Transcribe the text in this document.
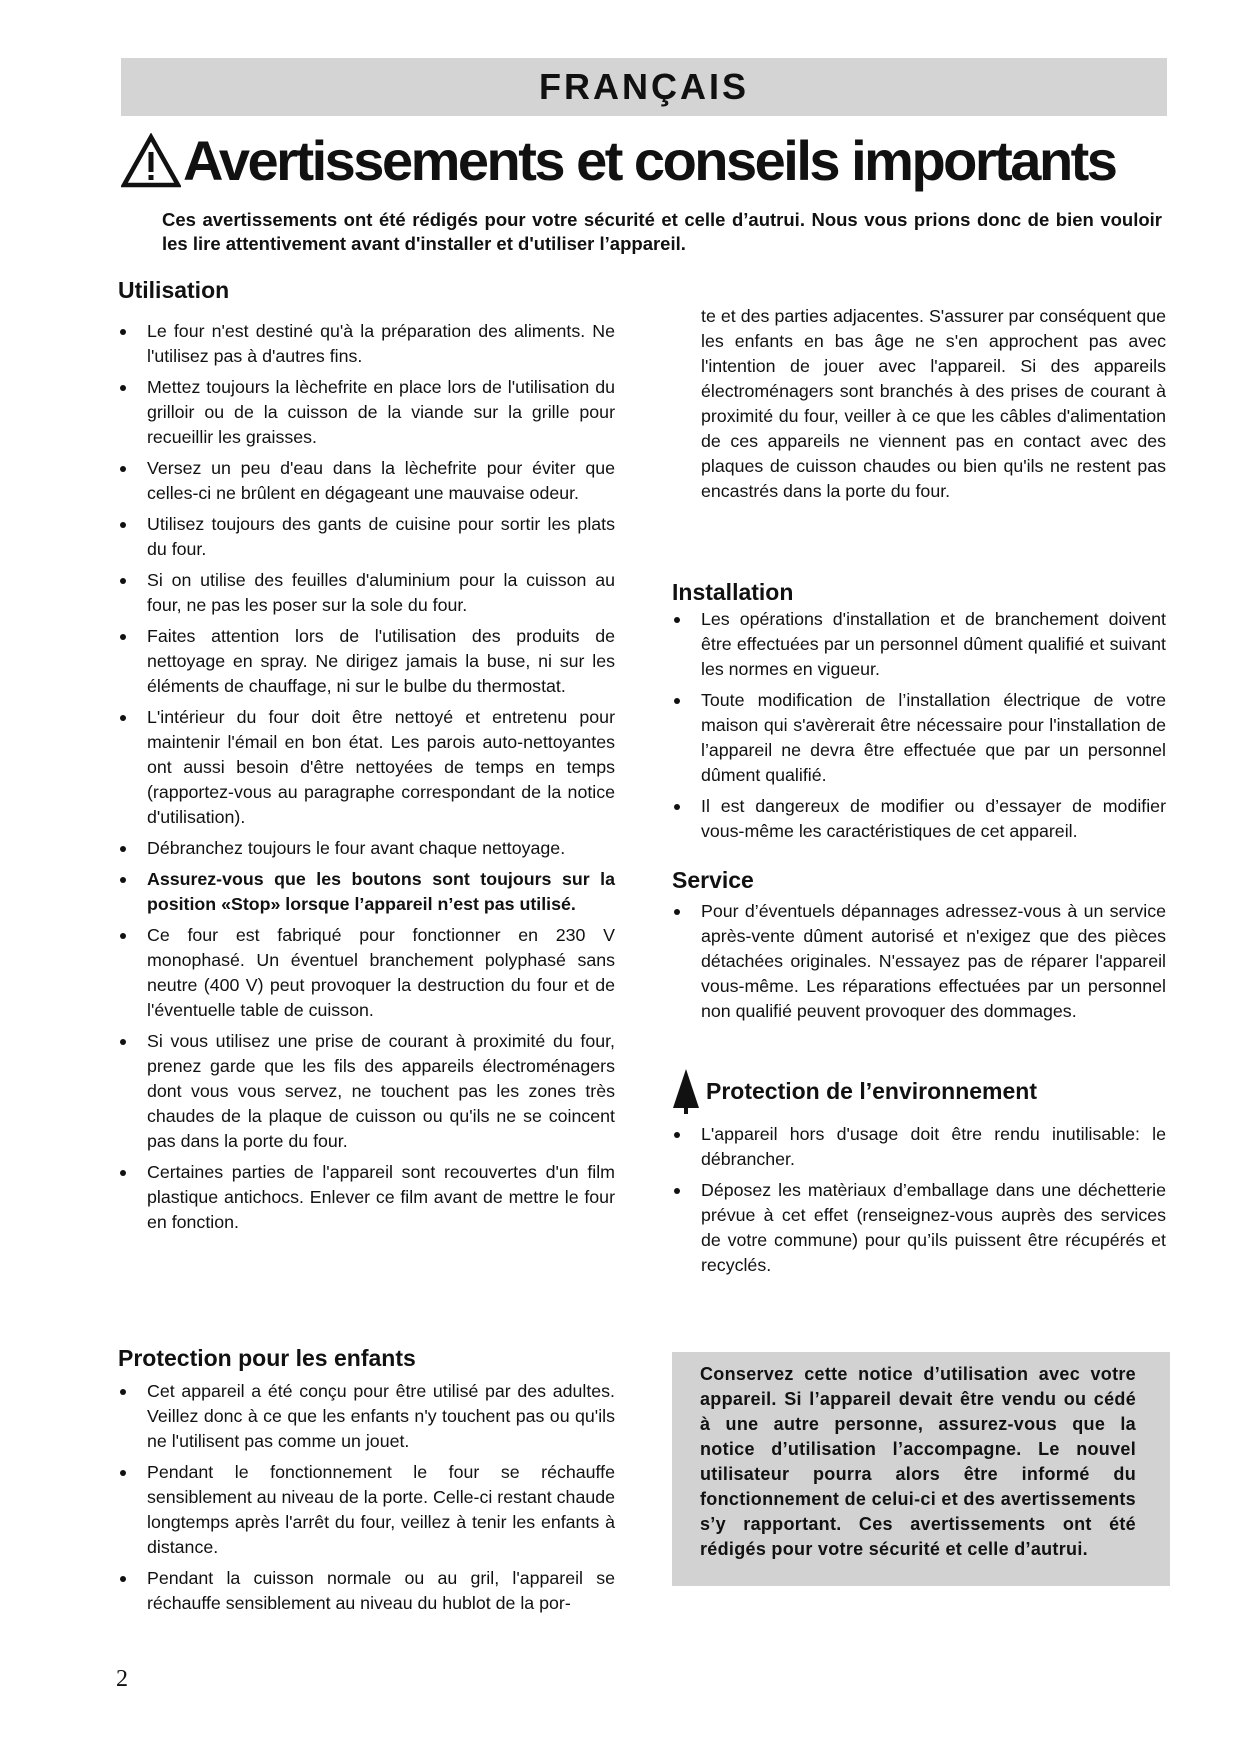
FRANÇAIS
Avertissements et conseils importants
Ces avertissements ont été rédigés pour votre sécurité et celle d’autrui. Nous vous prions donc de bien vouloir les lire attentivement avant d'installer et d'utiliser l’appareil.
Utilisation
Le four n'est destiné qu'à la préparation des aliments. Ne l'utilisez pas à d'autres fins.
Mettez toujours la lèchefrite en place lors de l'utilisation du grilloir ou de la cuisson de la viande sur la grille pour recueillir les graisses.
Versez un peu d'eau dans la lèchefrite pour éviter que celles-ci ne brûlent en dégageant une mauvaise odeur.
Utilisez toujours des gants de cuisine pour sortir les plats du four.
Si on utilise des feuilles d'aluminium pour la cuisson au four, ne pas les poser sur la sole du four.
Faites attention lors de l'utilisation des produits de nettoyage en spray. Ne dirigez jamais la buse, ni sur les éléments de chauffage, ni sur le bulbe du thermostat.
L'intérieur du four doit être nettoyé et entretenu pour maintenir l'émail en bon état. Les parois auto-nettoyantes ont aussi besoin d'être nettoyées de temps en temps (rapportez-vous au paragraphe correspondant de la notice d'utilisation).
Débranchez toujours le four avant chaque nettoyage.
Assurez-vous que les boutons sont toujours sur la position «Stop» lorsque l’appareil n’est pas utilisé.
Ce four est fabriqué pour fonctionner en 230 V monophasé. Un éventuel branchement polyphasé sans neutre (400 V) peut provoquer la destruction du four et de l'éventuelle table de cuisson.
Si vous utilisez une prise de courant à proximité du four, prenez garde que les fils des appareils électroménagers dont vous vous servez, ne touchent pas les zones très chaudes de la plaque de cuisson ou qu'ils ne se coincent pas dans la porte du four.
Certaines parties de l'appareil sont recouvertes d'un film plastique antichocs. Enlever ce film avant de mettre le four en fonction.
Protection pour les enfants
Cet appareil a été conçu pour être utilisé par des adultes. Veillez donc à ce que les enfants n'y touchent pas ou qu'ils ne l'utilisent pas comme un jouet.
Pendant le fonctionnement le four se réchauffe sensiblement au niveau de la porte. Celle-ci restant chaude longtemps après l'arrêt du four, veillez à tenir les enfants à distance.
Pendant la cuisson normale ou au gril, l'appareil se réchauffe sensiblement au niveau du hublot de la por-
te et des parties adjacentes. S'assurer par conséquent que les enfants en bas âge ne s'en approchent pas avec l'intention de jouer avec l'appareil. Si des appareils électroménagers sont branchés à des prises de courant à proximité du four, veiller à ce que les câbles d'alimentation de ces appareils ne viennent pas en contact avec des plaques de cuisson chaudes ou bien qu'ils ne restent pas encastrés dans la porte du four.
Installation
Les opérations d'installation et de branchement doivent être effectuées par un personnel dûment qualifié et suivant les normes en vigueur.
Toute modification de l’installation électrique de votre maison qui s'avèrerait être nécessaire pour l'installation de l’appareil ne devra être effectuée que par un personnel dûment qualifié.
Il est dangereux de modifier ou d’essayer de modifier vous-même les caractéristiques de cet appareil.
Service
Pour d’éventuels dépannages adressez-vous à un service après-vente dûment autorisé et n'exigez que des pièces détachées originales. N'essayez pas de réparer l'appareil vous-même. Les réparations effectuées par un personnel non qualifié peuvent provoquer des dommages.
Protection de l’environnement
L'appareil hors d'usage doit être rendu inutilisable: le débrancher.
Déposez les matèriaux d’emballage dans une déchetterie prévue à cet effet (renseignez-vous auprès des services de votre commune) pour qu’ils puissent être récupérés et recyclés.

Conservez cette notice d’utilisation avec votre appareil. Si l’appareil devait être vendu ou cédé à une autre personne, assurez-vous que la notice d’utilisation l’accompagne. Le nouvel utilisateur pourra alors être informé du fonctionnement de celui-ci et des avertissements s’y rapportant. Ces avertissements ont été rédigés pour votre sécurité et celle d’autrui.

2
